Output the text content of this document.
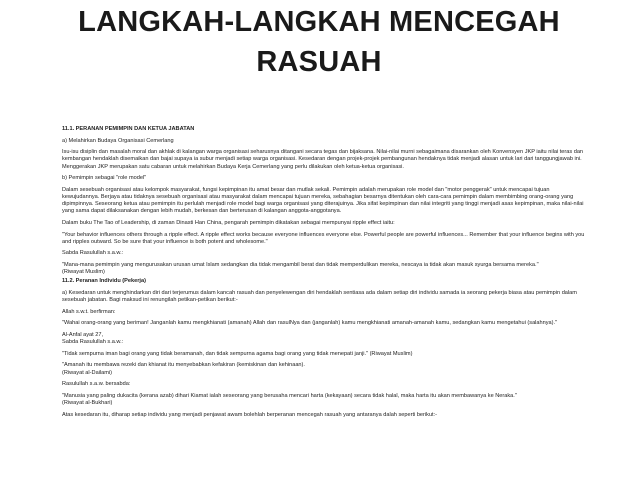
LANGKAH-LANGKAH MENCEGAH
RASUAH

11.1. PERANAN PEMIMPIN DAN KETUA JABATAN

a) Melahirkan Budaya Organisasi Cemerlang

Isu-isu disiplin dan masalah moral dan akhlak di kalangan warga organisasi seharusnya ditangani secara tegas dan bijaksana. Nilai-nilai murni sebagaimana disarankan oleh Konvensyen JKP iaitu nilai teras dan kembangan hendaklah disemaikan dan bajai supaya ia subur menjadi setiap warga organisasi. Kesedaran dengan projek-projek pembangunan hendaknya tidak menjadi alasan untuk lari dari tanggungjawab ini. Menggerakan JKP merupakan satu cabaran untuk melahirkan Budaya Kerja Cemerlang yang perlu dilakukan oleh ketua-ketua organisasi.

b) Pemimpin sebagai "role model"

Dalam sesebuah organisasi atau kelompok masyarakat, fungsi kepimpinan itu amat besar dan mutlak sekali. Pemimpin adalah merupakan role model dan "motor penggerak" untuk mencapai tujuan kewujudannya. Berjaya atau tidaknya sesebuah organisasi atau masyarakat dalam mencapai tujuan mereka, sebahagian besarnya ditentukan oleh cara-cara pemimpin dalam membimbing orang-orang yang dipimpinnya. Seseorang ketua atau pemimpin itu perlulah menjadi role model bagi warga organisasi yang diterajuinya. Jika sifat kepimpinan dan nilai integriti yang tinggi menjadi asas kepimpinan, maka nilai-nilai yang sama dapat dilaksanakan dengan lebih mudah, berkesan dan berterusan di kalangan anggota-anggotanya.

Dalam buku The Tao of Leadership, di zaman Dinasti Han China, pengarah pemimpin dikatakan sebagai mempunyai ripple effect iaitu:

"Your behavior influences others through a ripple effect. A ripple effect works because everyone influences everyone else. Powerful people are powerful influences... Remember that your influence begins with you and ripples outward. So be sure that your influence is both potent and wholesome."

Sabda Rasulullah s.a.w.:

"Mana-mana pemimpin yang mengurusakan urusan umat Islam sedangkan dia tidak mengambil berat dan tidak memperdulikan mereka, nescaya ia tidak akan masuk syurga bersama mereka."
(Riwayat Muslim)

11.2. Peranan Individu (Pekerja)

a) Kesedaran untuk menghindarkan diri dari terjerumus dalam kancah rasuah dan penyelewengan diri hendaklah sentiasa ada dalam setiap diri individu samada ia seorang pekerja biasa atau pemimpin dalam sesebuah jabatan. Bagi maksud ini renungilah petikan-petikan berikut:-

Allah s.w.t. berfirman:

"Wahai orang-orang yang beriman! Janganlah kamu mengkhianati (amanah) Allah dan rasulNya dan (janganlah) kamu mengkhianati amanah-amanah kamu, sedangkan kamu mengetahui (salahnya)."

Al-Anfal ayat 27,
Sabda Rasulullah s.a.w.:

"Tidak sempurna iman bagi orang yang tidak beramanah, dan tidak sempurna agama bagi orang yang tidak menepati janji." (Riwayat Muslim)

"Amanah itu membawa rezeki dan khianat itu menyebabkan kefakiran (kemiskinan dan kehinaan).
(Riwayat al-Dailami)

Rasulullah s.a.w. bersabda:

"Manusia yang paling dukacita (kerana azab) dihari Kiamat ialah seseorang yang berusaha mencari harta (kekayaan) secara tidak halal, maka harta itu akan membawanya ke Neraka."
(Riwayat al-Bukhari)

Atas kesedaran itu, diharap setiap individu yang menjadi penjawat awam bolehlah berperanan mencegah rasuah yang antaranya dalah seperti berikut:-
